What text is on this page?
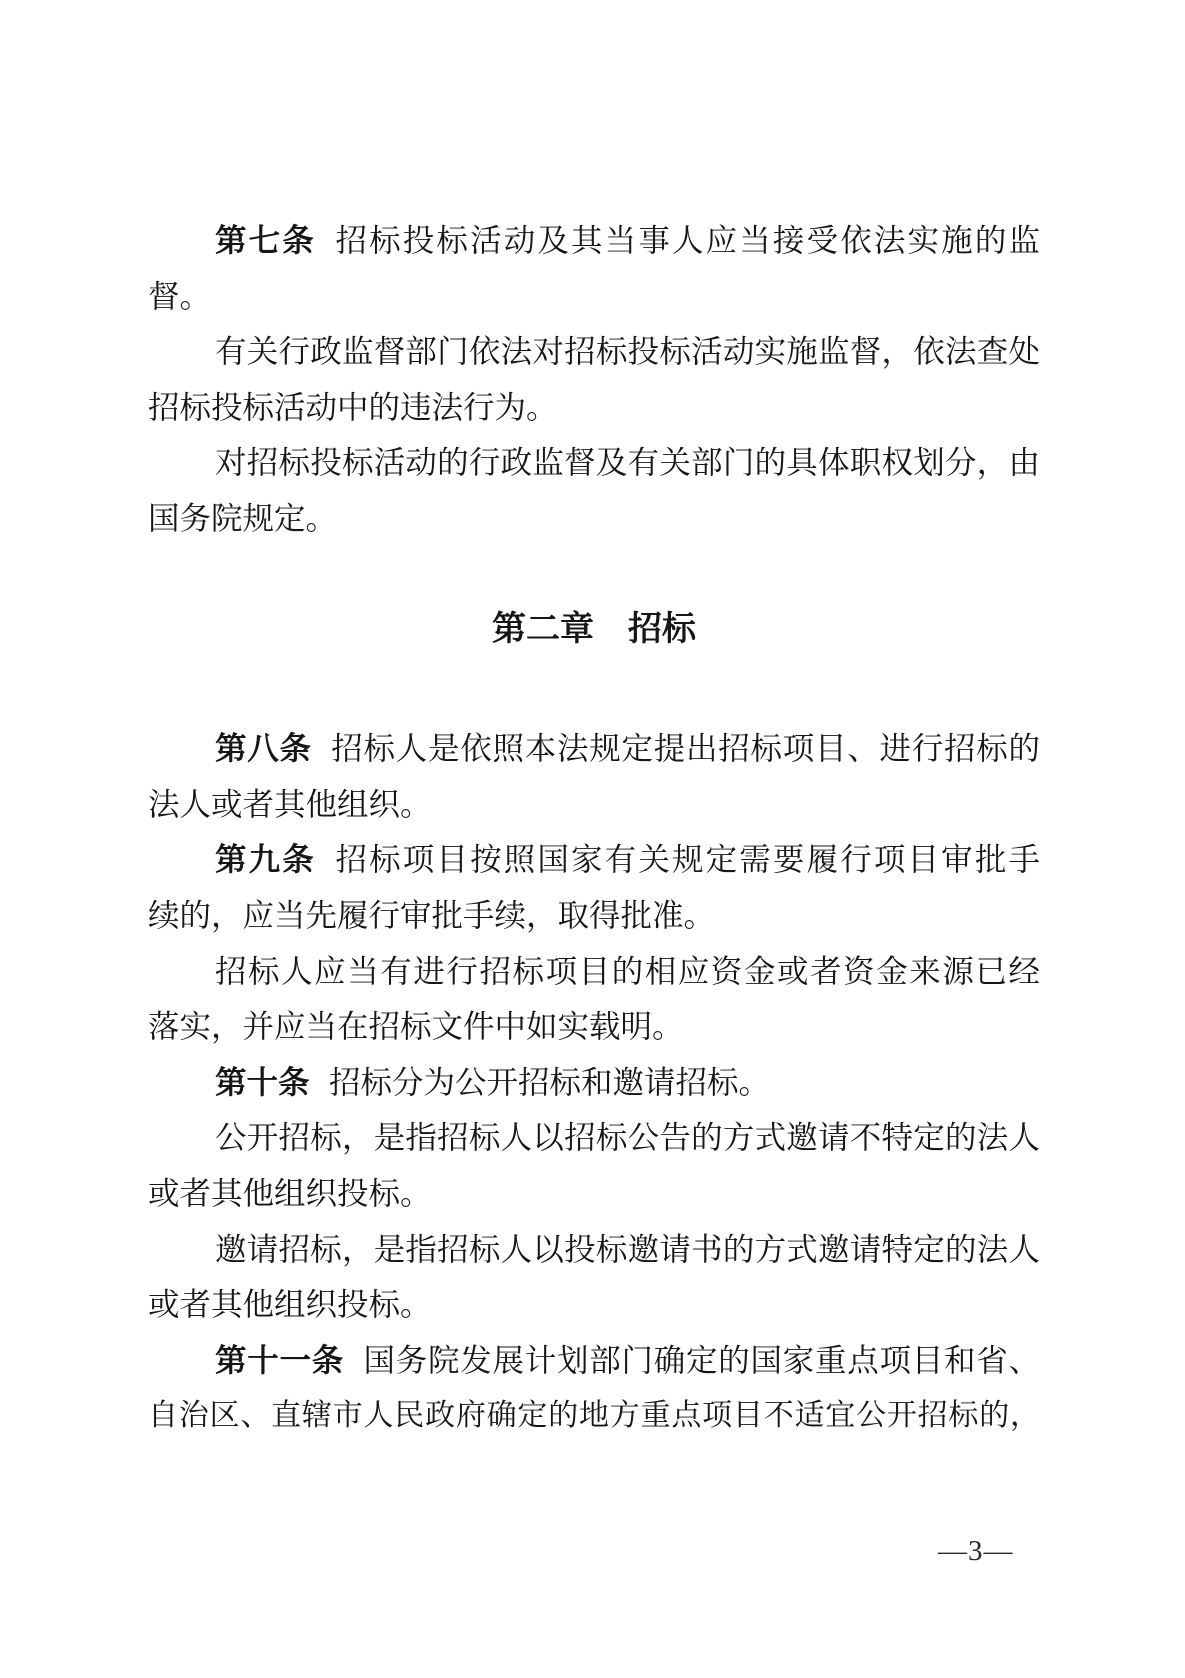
第七条 招标投标活动及其当事人应当接受依法实施的监
督。
有关行政监督部门依法对招标投标活动实施监督，依法查处
招标投标活动中的违法行为。
对招标投标活动的行政监督及有关部门的具体职权划分，由
国务院规定。
第二章　招标
第八条 招标人是依照本法规定提出招标项目、进行招标的
法人或者其他组织。
第九条 招标项目按照国家有关规定需要履行项目审批手
续的，应当先履行审批手续，取得批准。
招标人应当有进行招标项目的相应资金或者资金来源已经
落实，并应当在招标文件中如实载明。
第十条 招标分为公开招标和邀请招标。
公开招标，是指招标人以招标公告的方式邀请不特定的法人
或者其他组织投标。
邀请招标，是指招标人以投标邀请书的方式邀请特定的法人
或者其他组织投标。
第十一条 国务院发展计划部门确定的国家重点项目和省、
自治区、直辖市人民政府确定的地方重点项目不适宜公开招标的，
—3—
